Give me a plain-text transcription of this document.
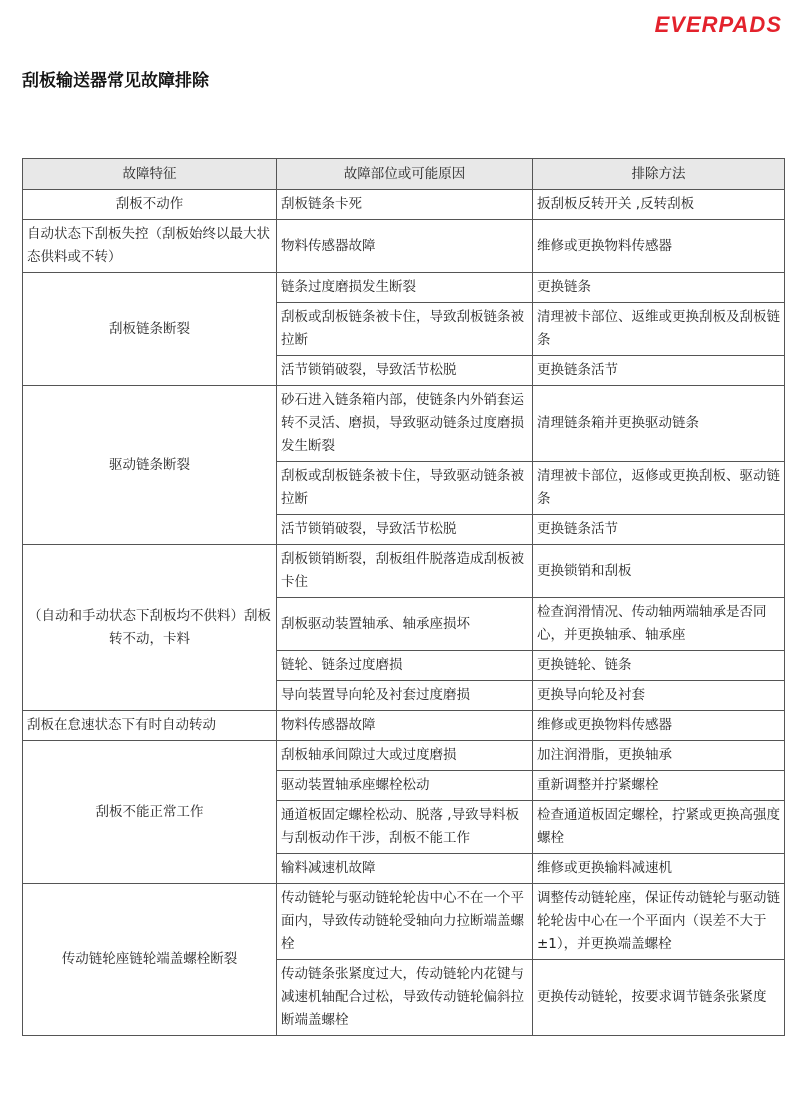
EVERPADS
刮板输送器常见故障排除
故障特征	故障部位或可能原因	排除方法
刮板不动作	刮板链条卡死	扳刮板反转开关 ,反转刮板
自动状态下刮板失控（刮板始终以最大状态供料或不转）	物料传感器故障	维修或更换物料传感器
刮板链条断裂	链条过度磨损发生断裂	更换链条
	刮板或刮板链条被卡住，导致刮板链条被拉断	清理被卡部位、返维或更换刮板及刮板链条
	活节锁销破裂，导致活节松脱	更换链条活节
驱动链条断裂	砂石进入链条箱内部，使链条内外销套运转不灵活、磨损，导致驱动链条过度磨损发生断裂	清理链条箱并更换驱动链条
	刮板或刮板链条被卡住，导致驱动链条被拉断	清理被卡部位，返修或更换刮板、驱动链条
	活节锁销破裂，导致活节松脱	更换链条活节
（自动和手动状态下刮板均不供料）刮板转不动，卡料	刮板锁销断裂，刮板组件脱落造成刮板被卡住	更换锁销和刮板
	刮板驱动装置轴承、轴承座损坏	检查润滑情况、传动轴两端轴承是否同心，并更换轴承、轴承座
	链轮、链条过度磨损	更换链轮、链条
	导向装置导向轮及衬套过度磨损	更换导向轮及衬套
刮板在怠速状态下有时自动转动	物料传感器故障	维修或更换物料传感器
刮板不能正常工作	刮板轴承间隙过大或过度磨损	加注润滑脂，更换轴承
	驱动装置轴承座螺栓松动	重新调整并拧紧螺栓
	通道板固定螺栓松动、脱落 ,导致导料板与刮板动作干涉，刮板不能工作	检查通道板固定螺栓，拧紧或更换高强度螺栓
	输料减速机故障	维修或更换输料减速机
传动链轮座链轮端盖螺栓断裂	传动链轮与驱动链轮轮齿中心不在一个平面内，导致传动链轮受轴向力拉断端盖螺栓	调整传动链轮座，保证传动链轮与驱动链轮轮齿中心在一个平面内（误差不大于 ±1），并更换端盖螺栓
	传动链条张紧度过大，传动链轮内花键与减速机轴配合过松，导致传动链轮偏斜拉断端盖螺栓	更换传动链轮，按要求调节链条张紧度
